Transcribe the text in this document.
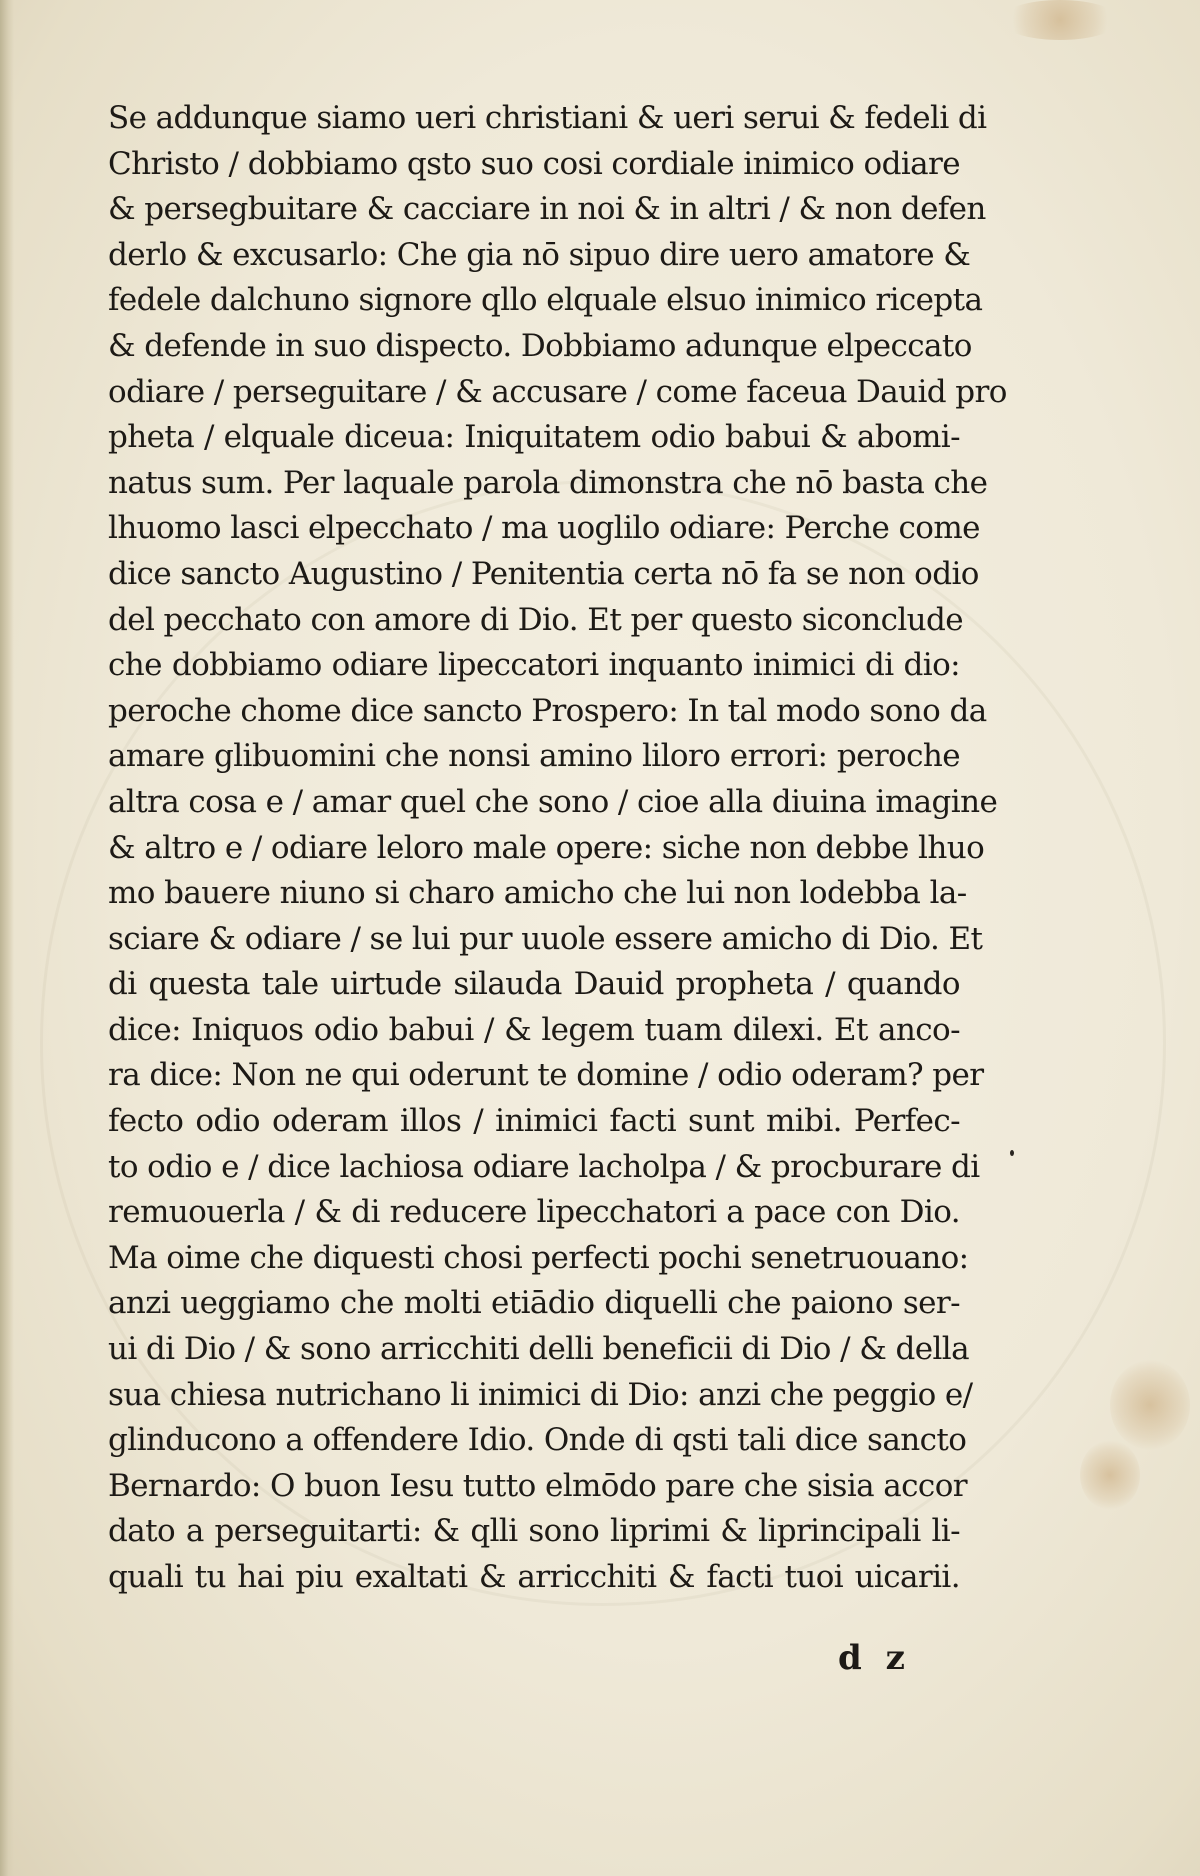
Se addunque siamo ueri christiani & ueri serui & fedeli di
Christo / dobbiamo qsto suo cosi cordiale inimico odiare
& persegbuitare & cacciare in noi & in altri / & non defen
derlo & excusarlo: Che gia nō sipuo dire uero amatore &
fedele dalchuno signore qllo elquale elsuo inimico ricepta
& defende in suo dispecto. Dobbiamo adunque elpeccato
odiare / perseguitare / & accusare / come faceua Dauid pro
pheta / elquale diceua: Iniquitatem odio babui & abomi-
natus sum. Per laquale parola dimonstra che nō basta che
lhuomo lasci elpecchato / ma uoglilo odiare: Perche come
dice sancto Augustino / Penitentia certa nō fa se non odio
del pecchato con amore di Dio. Et per questo siconclude
che dobbiamo odiare lipeccatori inquanto inimici di dio:
peroche chome dice sancto Prospero: In tal modo sono da
amare glibuomini che nonsi amino liloro errori: peroche
altra cosa e / amar quel che sono / cioe alla diuina imagine
& altro e / odiare leloro male opere: siche non debbe lhuo
mo bauere niuno si charo amicho che lui non lodebba la-
sciare & odiare / se lui pur uuole essere amicho di Dio. Et
di questa tale uirtude silauda Dauid propheta / quando
dice: Iniquos odio babui / & legem tuam dilexi. Et anco-
ra dice: Non ne qui oderunt te domine / odio oderam? per
fecto odio oderam illos / inimici facti sunt mibi. Perfec-
to odio e / dice lachiosa odiare lacholpa / & procburare di
remuouerla / & di reducere lipecchatori a pace con Dio.
Ma oime che diquesti chosi perfecti pochi senetruouano:
anzi ueggiamo che molti etiādio diquelli che paiono ser-
ui di Dio / & sono arricchiti delli beneficii di Dio / & della
sua chiesa nutrichano li inimici di Dio: anzi che peggio e/
glinducono a offendere Idio. Onde di qsti tali dice sancto
Bernardo: O buon Iesu tutto elmōdo pare che sisia accor
dato a perseguitarti: & qlli sono liprimi & liprincipali li-
quali tu hai piu exaltati & arricchiti & facti tuoi uicarii.
d z
